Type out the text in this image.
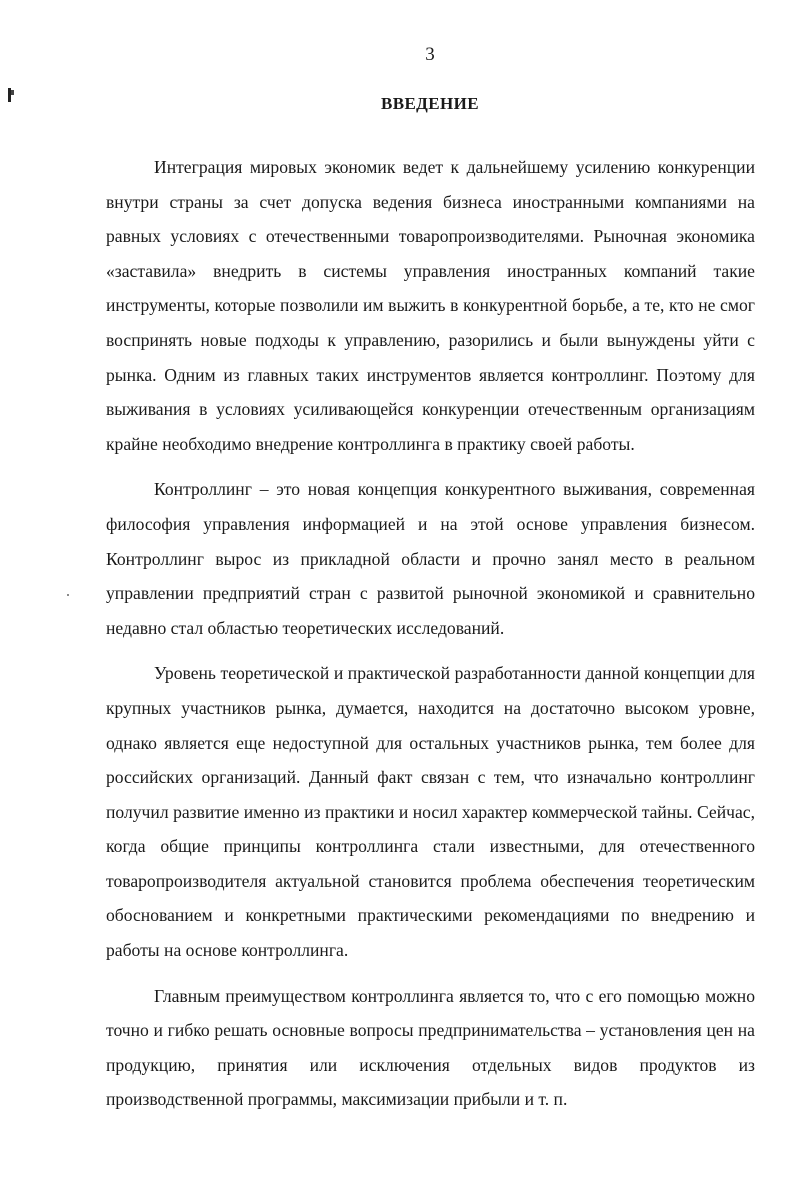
3
ВВЕДЕНИЕ

Интеграция мировых экономик ведет к дальнейшему усилению конкуренции внутри страны за счет допуска ведения бизнеса иностранными компаниями на равных условиях с отечественными товаропроизводителями. Рыночная экономика «заставила» внедрить в системы управления иностранных компаний такие инструменты, которые позволили им выжить в конкурентной борьбе, а те, кто не смог воспринять новые подходы к управлению, разорились и были вынуждены уйти с рынка. Одним из главных таких инструментов является контроллинг. Поэтому для выживания в условиях усиливающейся конкуренции отечественным организациям крайне необходимо внедрение контроллинга в практику своей работы.

Контроллинг – это новая концепция конкурентного выживания, современная философия управления информацией и на этой основе управления бизнесом. Контроллинг вырос из прикладной области и прочно занял место в реальном управлении предприятий стран с развитой рыночной экономикой и сравнительно недавно стал областью теоретических исследований.

Уровень теоретической и практической разработанности данной концепции для крупных участников рынка, думается, находится на достаточно высоком уровне, однако является еще недоступной для остальных участников рынка, тем более для российских организаций. Данный факт связан с тем, что изначально контроллинг получил развитие именно из практики и носил характер коммерческой тайны. Сейчас, когда общие принципы контроллинга стали известными, для отечественного товаропроизводителя актуальной становится проблема обеспечения теоретическим обоснованием и конкретными практическими рекомендациями по внедрению и работы на основе контроллинга.

Главным преимуществом контроллинга является то, что с его помощью можно точно и гибко решать основные вопросы предпринимательства – установления цен на продукцию, принятия или исключения отдельных видов продуктов из производственной программы, максимизации прибыли и т. п.
